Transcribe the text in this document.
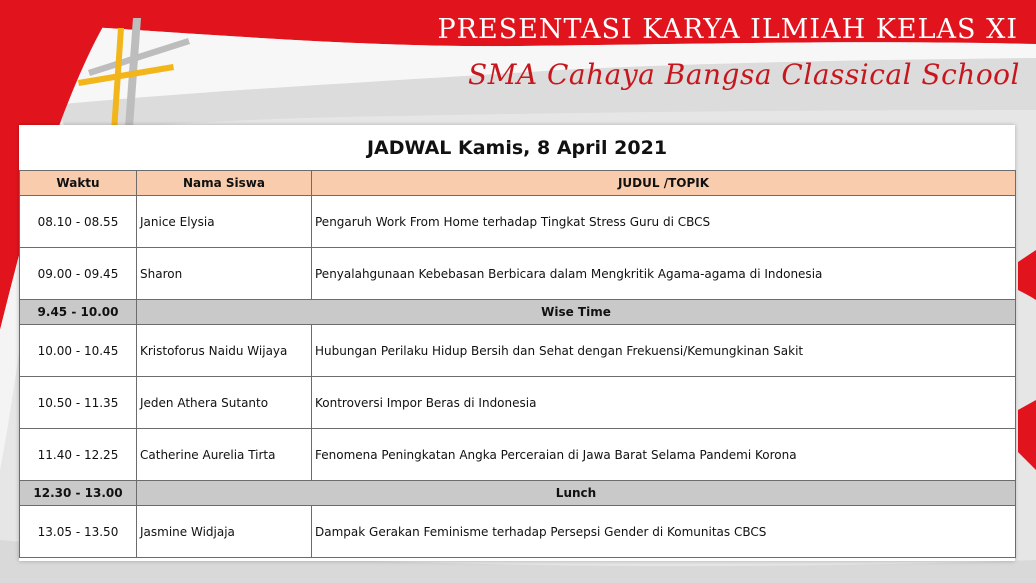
PRESENTASI KARYA ILMIAH KELAS XI
SMA Cahaya Bangsa Classical School
JADWAL Kamis, 8 April 2021
Waktu	Nama Siswa	JUDUL /TOPIK
08.10 - 08.55	Janice Elysia	Pengaruh Work From Home terhadap Tingkat Stress Guru di CBCS
09.00 - 09.45	Sharon	Penyalahgunaan Kebebasan Berbicara dalam Mengkritik Agama-agama di Indonesia
9.45 - 10.00	Wise Time	
10.00 - 10.45	Kristoforus Naidu Wijaya	Hubungan Perilaku Hidup Bersih dan Sehat dengan Frekuensi/Kemungkinan Sakit
10.50 - 11.35	Jeden Athera Sutanto	Kontroversi Impor Beras di Indonesia
11.40 - 12.25	Catherine Aurelia Tirta	Fenomena Peningkatan Angka Perceraian di Jawa Barat Selama Pandemi Korona
12.30 - 13.00	Lunch	
13.05 - 13.50	Jasmine Widjaja	Dampak Gerakan Feminisme terhadap Persepsi Gender di Komunitas CBCS
